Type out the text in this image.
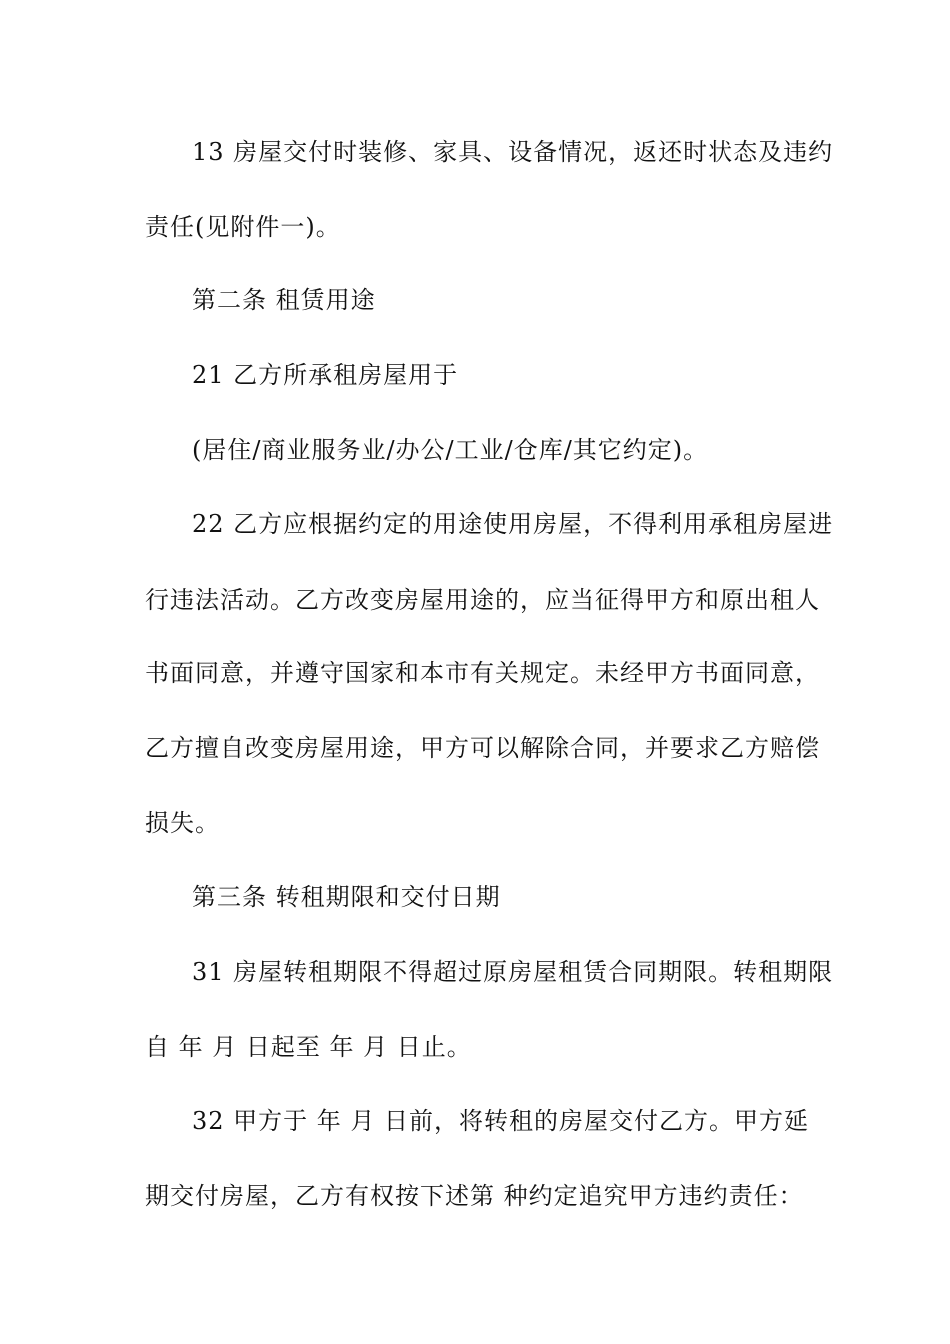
13 房屋交付时装修、家具、设备情况，返还时状态及违约
责任(见附件一)。
第二条 租赁用途
21 乙方所承租房屋用于
(居住/商业服务业/办公/工业/仓库/其它约定)。
22 乙方应根据约定的用途使用房屋，不得利用承租房屋进
行违法活动。乙方改变房屋用途的，应当征得甲方和原出租人
书面同意，并遵守国家和本市有关规定。未经甲方书面同意，
乙方擅自改变房屋用途，甲方可以解除合同，并要求乙方赔偿
损失。
第三条 转租期限和交付日期
31 房屋转租期限不得超过原房屋租赁合同期限。转租期限
自 年 月 日起至 年 月 日止。
32 甲方于 年 月 日前，将转租的房屋交付乙方。甲方延
期交付房屋，乙方有权按下述第 种约定追究甲方违约责任：
